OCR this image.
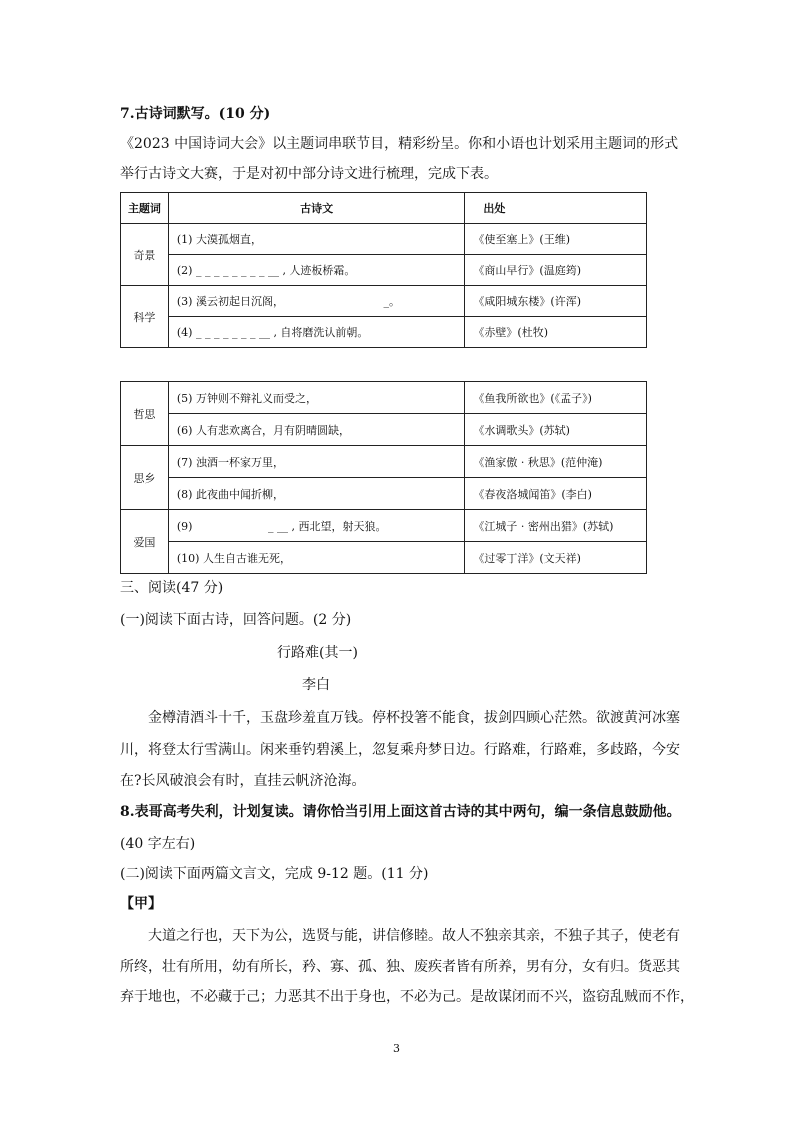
7.古诗词默写。(10 分)
《2023 中国诗词大会》以主题词串联节目，精彩纷呈。你和小语也计划采用主题词的形式
举行古诗文大赛，于是对初中部分诗文进行梳理，完成下表。
主题词	古诗文	出处
奇景	(1) 大漠孤烟直，	《使至塞上》(王维)
	(2) _ _ _ _ _ _ _ _ __ , 人迹板桥霜。	《商山早行》(温庭筠)
科学	(3) 溪云初起日沉阁， _。	《咸阳城东楼》(许浑)
	(4) _ _ _ _ _ _ _ __ , 自将磨洗认前朝。	《赤壁》(杜牧)
哲思	(5) 万钟则不辩礼义而受之，	《鱼我所欲也》(《孟子》)
	(6) 人有悲欢离合，月有阴晴圆缺，	《水调歌头》(苏轼)
思乡	(7) 浊酒一杯家万里，	《渔家傲 · 秋思》(范仲淹)
	(8) 此夜曲中闻折柳，	《春夜洛城闻笛》(李白)
爱国	(9) _ __ , 西北望，射天狼。	《江城子 · 密州出猎》(苏轼)
	(10) 人生自古谁无死，	《过零丁洋》(文天祥)
三、阅读(47 分)
(一)阅读下面古诗，回答问题。(2 分)
行路难(其一)
李白
金樽清酒斗十千，玉盘珍羞直万钱。停杯投箸不能食，拔剑四顾心茫然。欲渡黄河冰塞
川，将登太行雪满山。闲来垂钓碧溪上，忽复乘舟梦日边。行路难，行路难，多歧路，今安
在?长风破浪会有时，直挂云帆济沧海。
8.表哥高考失利，计划复读。请你恰当引用上面这首古诗的其中两句，编一条信息鼓励他。
(40 字左右)
(二)阅读下面两篇文言文，完成 9-12 题。(11 分)
【甲】
大道之行也，天下为公，选贤与能，讲信修睦。故人不独亲其亲，不独子其子，使老有
所终，壮有所用，幼有所长，矜、寡、孤、独、废疾者皆有所养，男有分，女有归。货恶其
弃于地也，不必藏于己；力恶其不出于身也，不必为己。是故谋闭而不兴，盗窃乱贼而不作，
3
